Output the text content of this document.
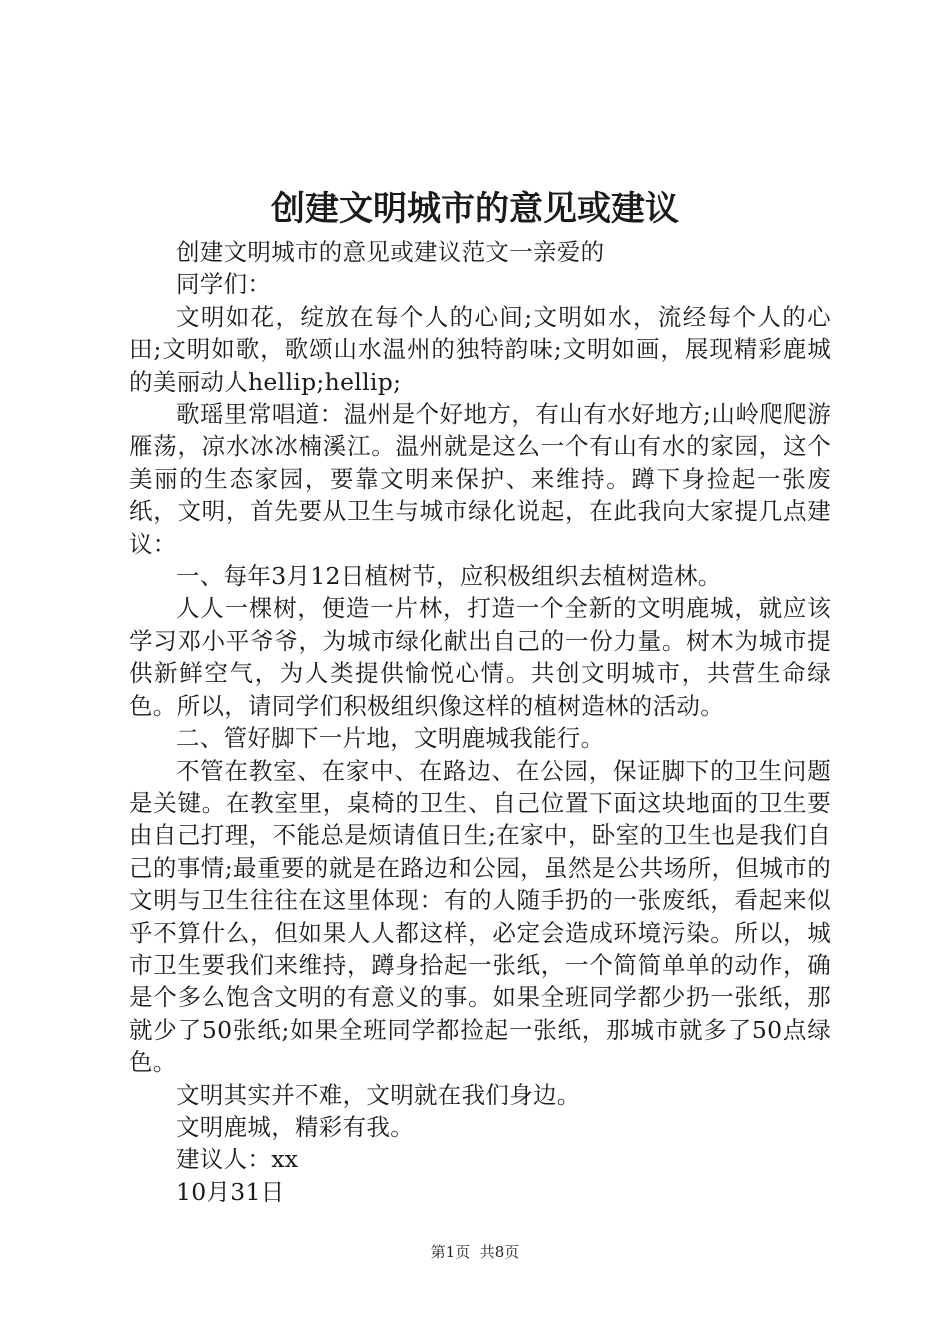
创建文明城市的意见或建议

创建文明城市的意见或建议范文一亲爱的

同学们：

文明如花，绽放在每个人的心间;文明如水，流经每个人的心田;文明如歌，歌颂山水温州的独特韵味;文明如画，展现精彩鹿城的美丽动人hellip;hellip;

歌瑶里常唱道：温州是个好地方，有山有水好地方;山岭爬爬游雁荡，凉水冰冰楠溪江。温州就是这么一个有山有水的家园，这个美丽的生态家园，要靠文明来保护、来维持。蹲下身捡起一张废纸，文明，首先要从卫生与城市绿化说起，在此我向大家提几点建议：

一、每年3月12日植树节，应积极组织去植树造林。

人人一棵树，便造一片林，打造一个全新的文明鹿城，就应该学习邓小平爷爷，为城市绿化献出自己的一份力量。树木为城市提供新鲜空气，为人类提供愉悦心情。共创文明城市，共营生命绿色。所以，请同学们积极组织像这样的植树造林的活动。

二、管好脚下一片地，文明鹿城我能行。

不管在教室、在家中、在路边、在公园，保证脚下的卫生问题是关键。在教室里，桌椅的卫生、自己位置下面这块地面的卫生要由自己打理，不能总是烦请值日生;在家中，卧室的卫生也是我们自己的事情;最重要的就是在路边和公园，虽然是公共场所，但城市的文明与卫生往往在这里体现：有的人随手扔的一张废纸，看起来似乎不算什么，但如果人人都这样，必定会造成环境污染。所以，城市卫生要我们来维持，蹲身拾起一张纸，一个简简单单的动作，确是个多么饱含文明的有意义的事。如果全班同学都少扔一张纸，那就少了50张纸;如果全班同学都捡起一张纸，那城市就多了50点绿色。

文明其实并不难，文明就在我们身边。

文明鹿城，精彩有我。

建议人：xx

10月31日

第1页 共8页
